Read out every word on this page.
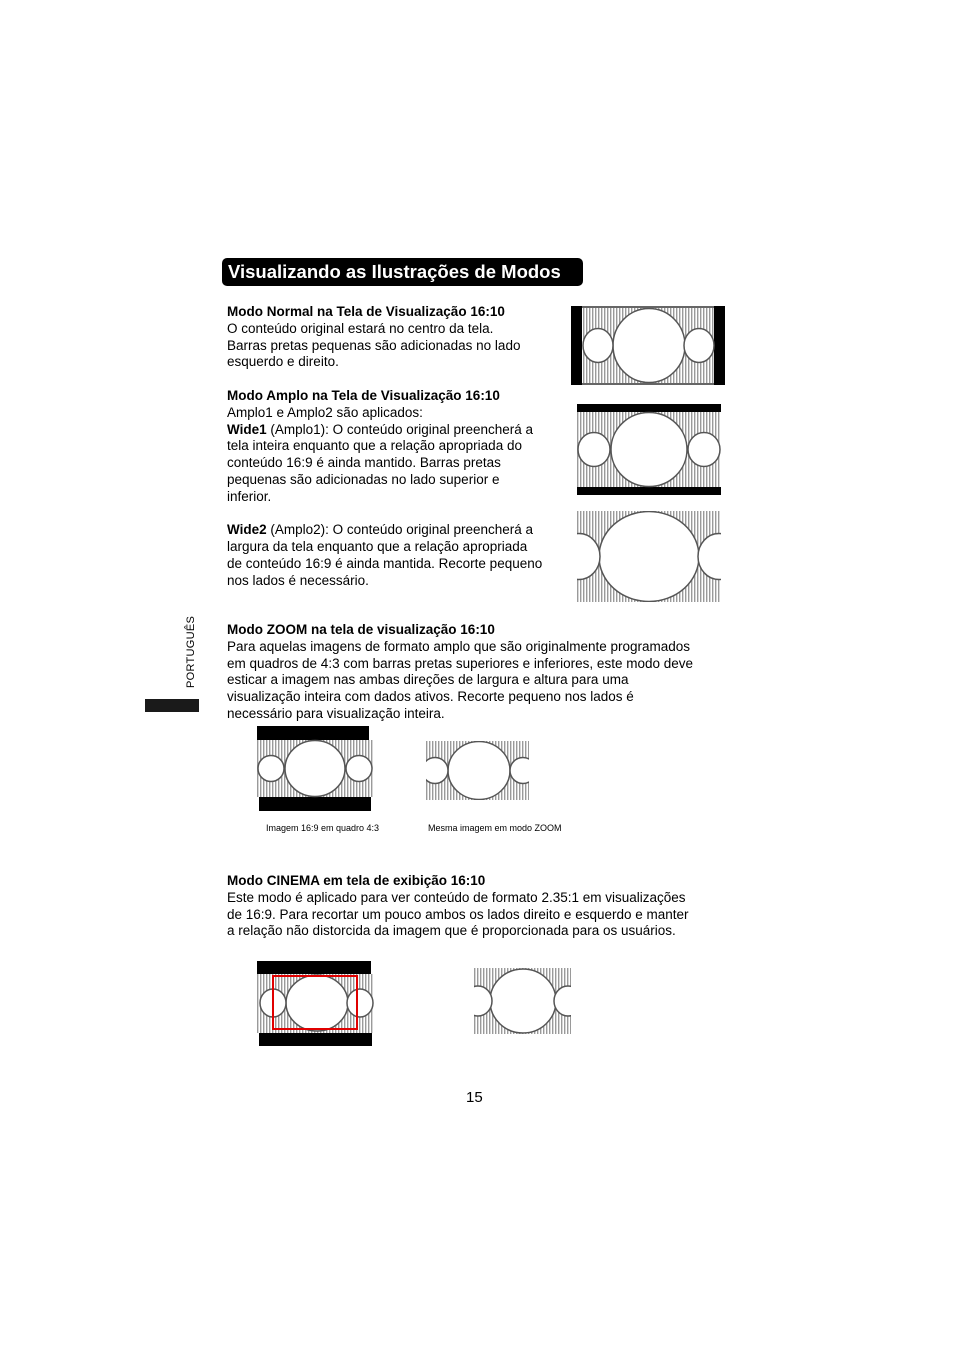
Visualizando as Ilustrações de Modos

Modo Normal na Tela de Visualização 16:10

O conteúdo original estará no centro da tela.

Barras pretas pequenas são adicionadas no lado

esquerdo e direito.

Modo Amplo na Tela de Visualização 16:10

Amplo1 e Amplo2 são aplicados:

Wide1 (Amplo1): O conteúdo original preencherá a

tela inteira enquanto que a relação apropriada do

conteúdo 16:9 é ainda mantido. Barras pretas

pequenas são adicionadas no lado superior e

inferior.

Wide2 (Amplo2): O conteúdo original preencherá a

largura da tela enquanto que a relação apropriada

de conteúdo 16:9 é ainda mantida. Recorte pequeno

nos lados é necessário.

Modo ZOOM na tela de visualização 16:10

Para aquelas imagens de formato amplo que são originalmente programados

em quadros de 4:3 com barras pretas superiores e inferiores, este modo deve

esticar a imagem nas ambas direções de largura e altura para uma

visualização inteira com dados ativos. Recorte pequeno nos lados é

necessário para visualização inteira.

Imagem 16:9 em quadro 4:3	Mesma imagem em modo ZOOM

Modo CINEMA em tela de exibição 16:10

Este modo é aplicado para ver conteúdo de formato 2.35:1 em visualizações

de 16:9. Para recortar um pouco ambos os lados direito e esquerdo e manter

a relação não distorcida da imagem que é proporcionada para os usuários.

PORTUGUÊS
15
